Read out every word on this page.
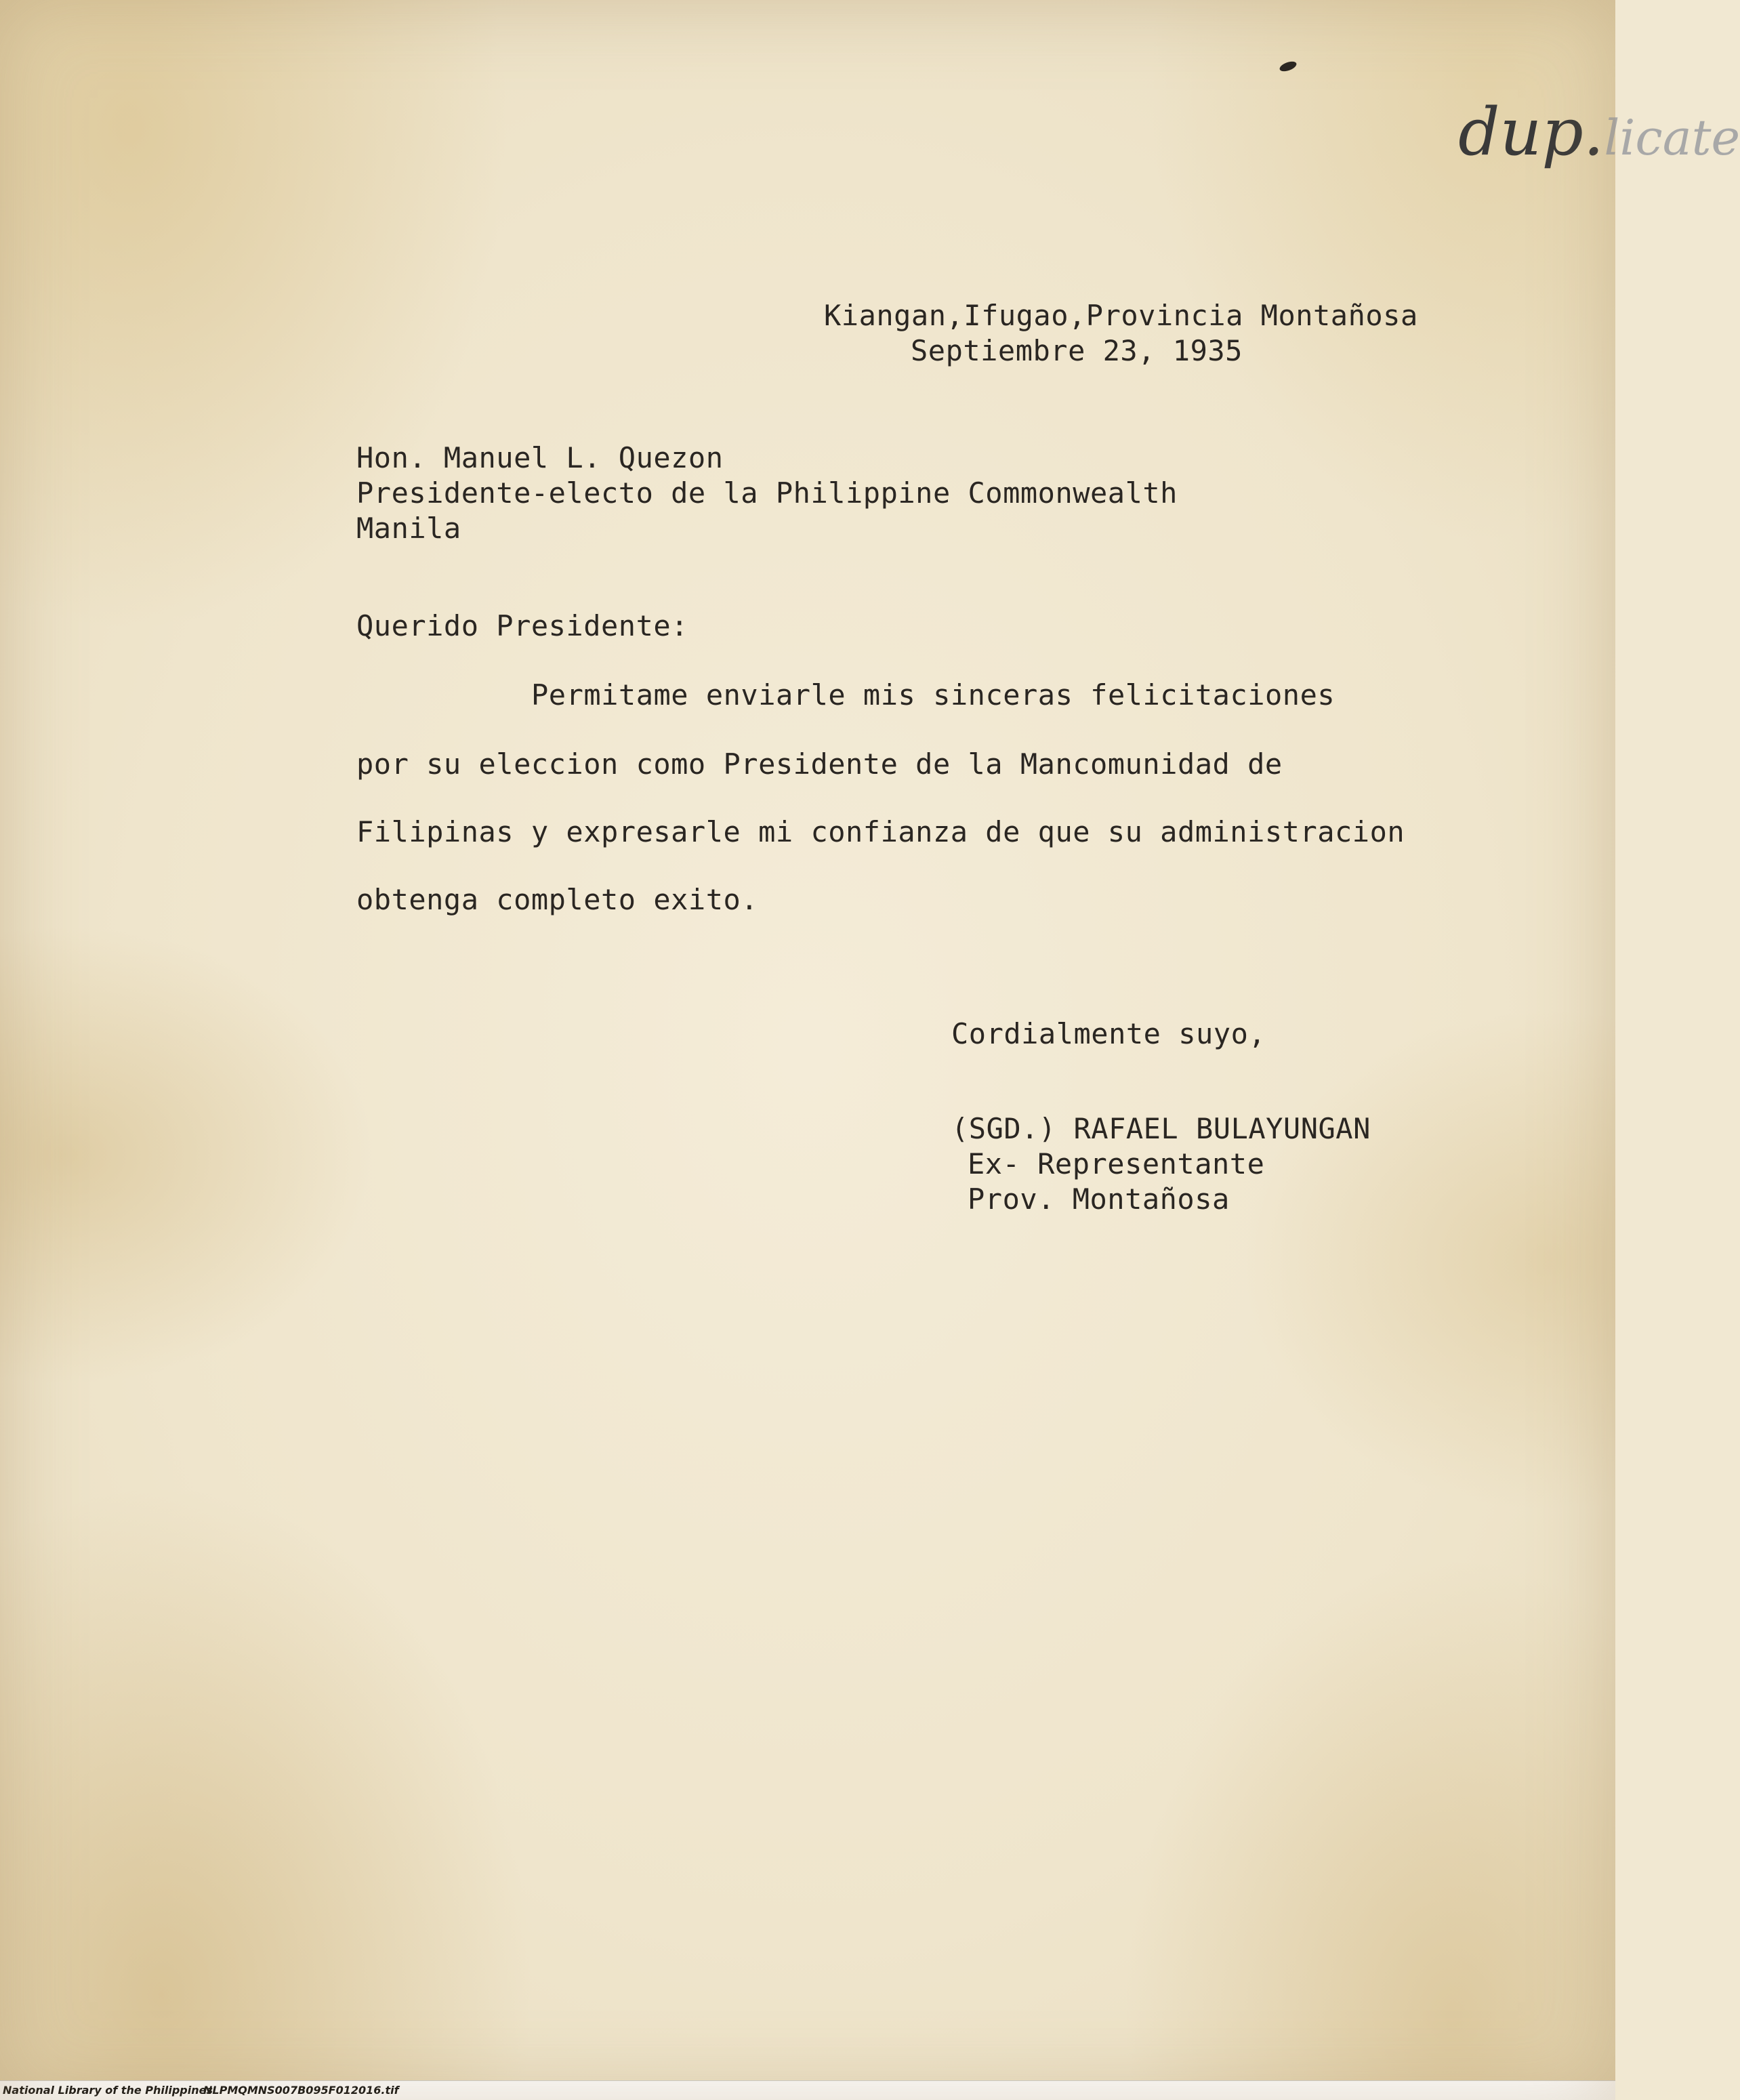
dup.licate

Kiangan,Ifugao,Provincia Montañosa
Septiembre 23, 1935
Hon. Manuel L. Quezon
Presidente-electo de la Philippine Commonwealth
Manila
Querido Presidente:
Permitame enviarle mis sinceras felicitaciones
por su eleccion como Presidente de la Mancomunidad de
Filipinas y expresarle mi confianza de que su administracion
obtenga completo exito.
Cordialmente suyo,
(SGD.) RAFAEL BULAYUNGAN
Ex- Representante
Prov. Montañosa
National Library of the Philippines
NLPMQMNS007B095F012016.tif
